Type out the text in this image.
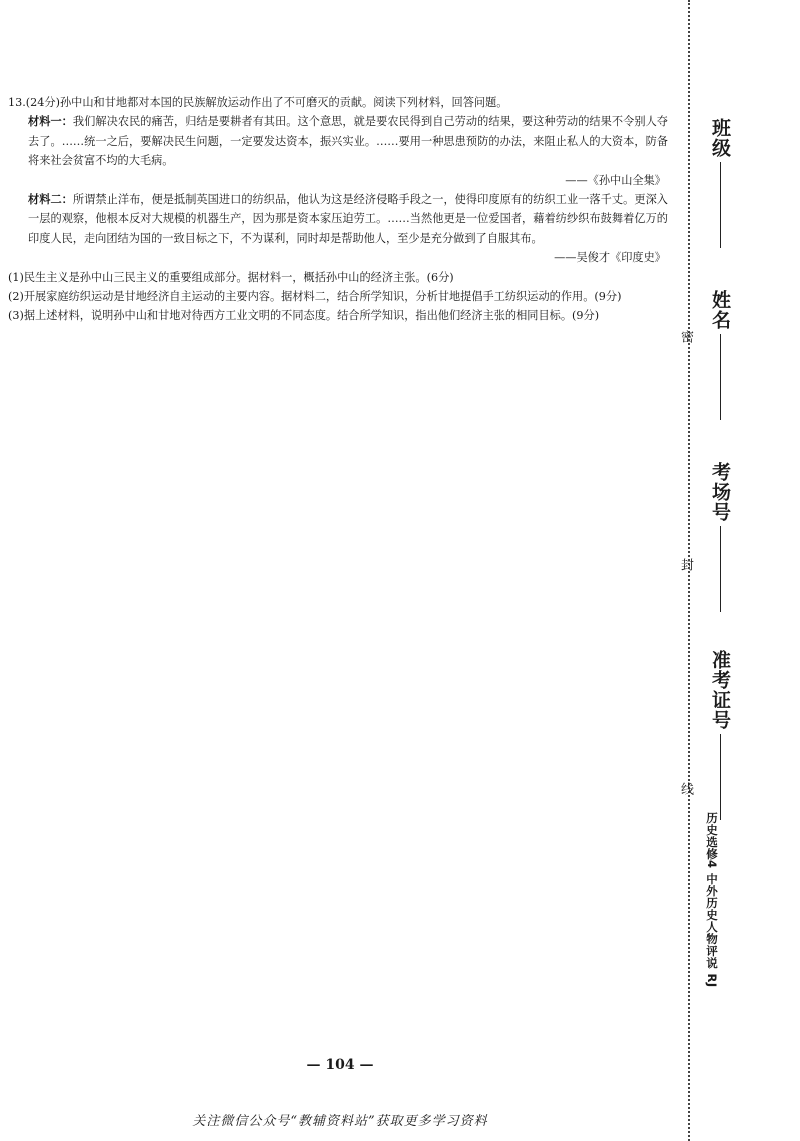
13.(24分)孙中山和甘地都对本国的民族解放运动作出了不可磨灭的贡献。阅读下列材料，回答问题。

材料一：我们解决农民的痛苦，归结是要耕者有其田。这个意思，就是要农民得到自己劳动的结果，要这种劳动的结果不令别人夺去了。……统一之后，要解决民生问题，一定要发达资本，振兴实业。……要用一种思患预防的办法，来阻止私人的大资本，防备将来社会贫富不均的大毛病。

——《孙中山全集》

材料二：所谓禁止洋布，便是抵制英国进口的纺织品，他认为这是经济侵略手段之一，使得印度原有的纺织工业一落千丈。更深入一层的观察，他根本反对大规模的机器生产，因为那是资本家压迫劳工。……当然他更是一位爱国者，藉着纺纱织布鼓舞着亿万的印度人民，走向团结为国的一致目标之下，不为谋利，同时却是帮助他人，至少是充分做到了自服其布。

——吴俊才《印度史》

(1)民生主义是孙中山三民主义的重要组成部分。据材料一，概括孙中山的经济主张。(6分)

(2)开展家庭纺织运动是甘地经济自主运动的主要内容。据材料二，结合所学知识，分析甘地提倡手工纺织运动的作用。(9分)

(3)据上述材料，说明孙中山和甘地对待西方工业文明的不同态度。结合所学知识，指出他们经济主张的相同目标。(9分)

班级
姓名
考场号
准考证号
密
封
线
历史选修4 中外历史人物评说 RJ
— 104 —
关注微信公众号“教辅资料站”获取更多学习资料
